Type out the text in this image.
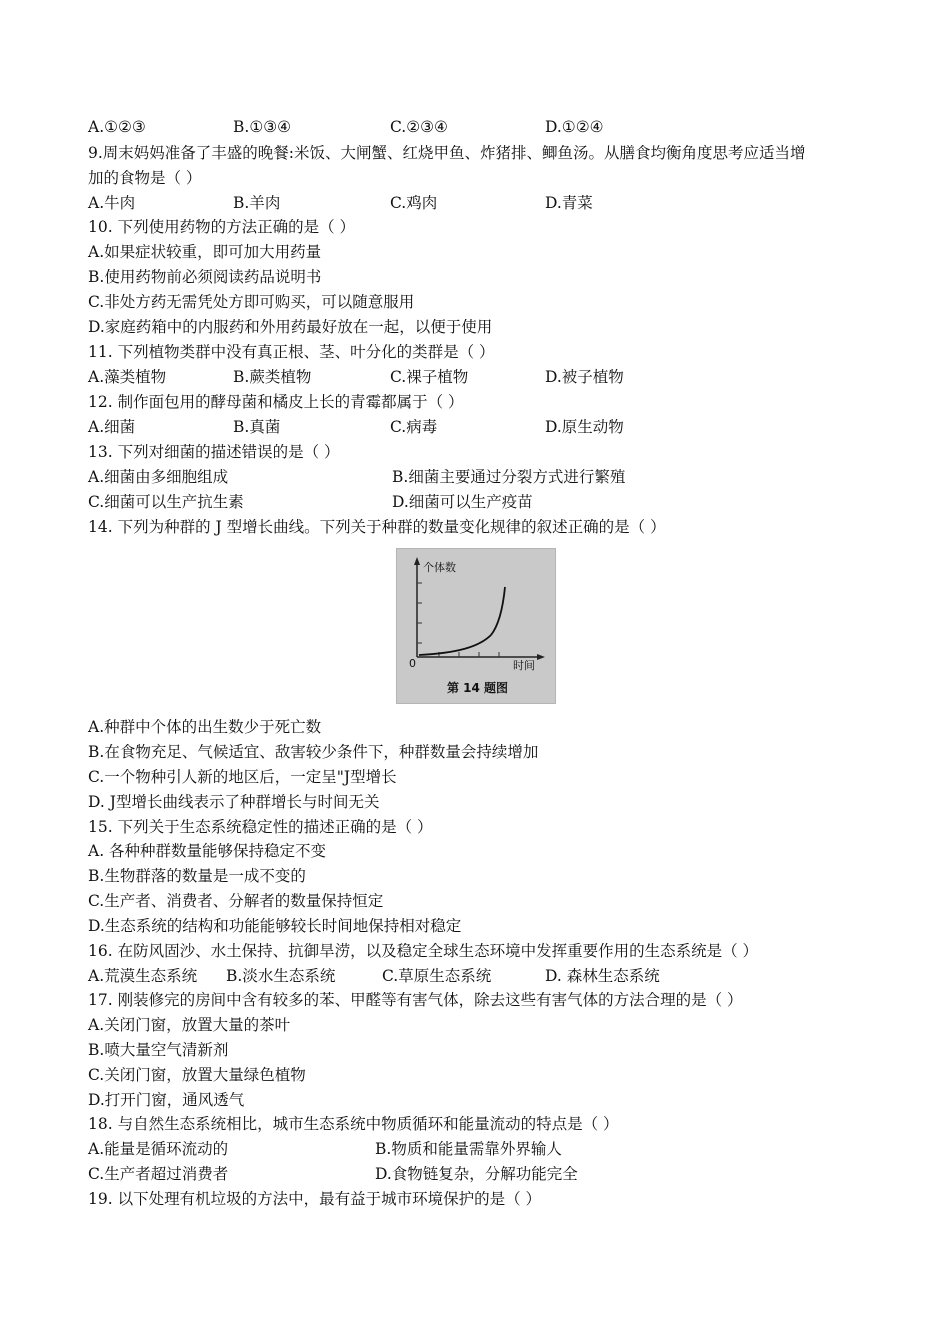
A.①②③	B.①③④	C.②③④	D.①②④
9.周末妈妈准备了丰盛的晚餐:米饭、大闸蟹、红烧甲鱼、炸猪排、鲫鱼汤。从膳食均衡角度思考应适当增
加的食物是（ ）
A.牛肉	B.羊肉	C.鸡肉	D.青菜
10. 下列使用药物的方法正确的是（ ）
A.如果症状较重，即可加大用药量
B.使用药物前必须阅读药品说明书
C.非处方药无需凭处方即可购买，可以随意服用
D.家庭药箱中的内服药和外用药最好放在一起，以便于使用
11. 下列植物类群中没有真正根、茎、叶分化的类群是（ ）
A.藻类植物	B.蕨类植物	C.裸子植物	D.被子植物
12. 制作面包用的酵母菌和橘皮上长的青霉都属于（ ）
A.细菌	B.真菌	C.病毒	D.原生动物
13. 下列对细菌的描述错误的是（ ）
A.细菌由多细胞组成	B.细菌主要通过分裂方式进行繁殖
C.细菌可以生产抗生素	D.细菌可以生产疫苗
14. 下列为种群的 J 型增长曲线。下列关于种群的数量变化规律的叙述正确的是（ ）
个体数
时间
0
第 14 题图
A.种群中个体的出生数少于死亡数
B.在食物充足、气候适宜、敌害较少条件下，种群数量会持续增加
C.一个物种引人新的地区后，一定呈"J型增长
D. J型增长曲线表示了种群增长与时间无关
15. 下列关于生态系统稳定性的描述正确的是（ ）
A. 各种种群数量能够保持稳定不变
B.生物群落的数量是一成不变的
C.生产者、消费者、分解者的数量保持恒定
D.生态系统的结构和功能能够较长时间地保持相对稳定
16. 在防风固沙、水土保持、抗御旱涝，以及稳定全球生态环境中发挥重要作用的生态系统是（ ）
A.荒漠生态系统 B.淡水生态系统	C.草原生态系统	D. 森林生态系统
17. 刚装修完的房间中含有较多的苯、甲醛等有害气体，除去这些有害气体的方法合理的是（ ）
A.关闭门窗，放置大量的茶叶
B.喷大量空气清新剂
C.关闭门窗，放置大量绿色植物
D.打开门窗，通风透气
18. 与自然生态系统相比，城市生态系统中物质循环和能量流动的特点是（ ）
A.能量是循环流动的	B.物质和能量需靠外界输人
C.生产者超过消费者	D.食物链复杂，分解功能完全
19. 以下处理有机垃圾的方法中，最有益于城市环境保护的是（ ）
